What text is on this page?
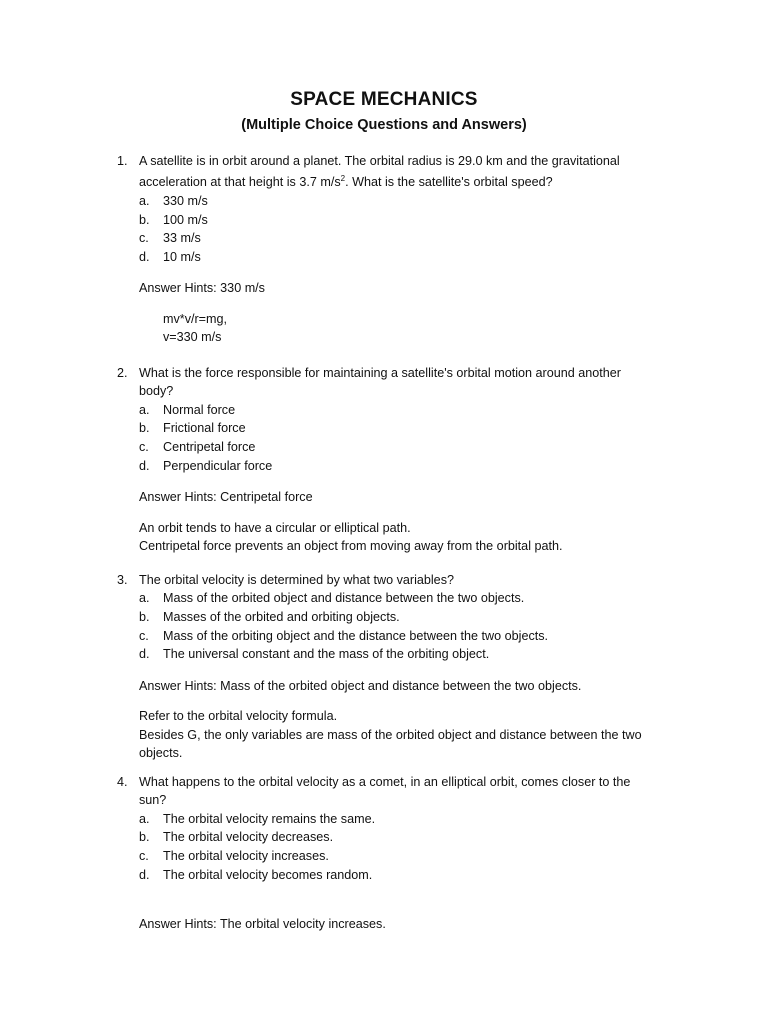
SPACE MECHANICS
(Multiple Choice Questions and Answers)
1. A satellite is in orbit around a planet. The orbital radius is 29.0 km and the gravitational
acceleration at that height is 3.7 $m/s^2$. What is the satellite's orbital speed?
a. 330 m/s
b. 100 m/s
c. 33 m/s
d. 10 m/s
Answer Hints: 330 m/s
mv*v/r=mg,
v=330 m/s
2. What is the force responsible for maintaining a satellite's orbital motion around another
body?
a. Normal force
b. Frictional force
c. Centripetal force
d. Perpendicular force
Answer Hints: Centripetal force
An orbit tends to have a circular or elliptical path.
Centripetal force prevents an object from moving away from the orbital path.
3. The orbital velocity is determined by what two variables?
a. Mass of the orbited object and distance between the two objects.
b. Masses of the orbited and orbiting objects.
c. Mass of the orbiting object and the distance between the two objects.
d. The universal constant and the mass of the orbiting object.
Answer Hints: Mass of the orbited object and distance between the two objects.
Refer to the orbital velocity formula.
Besides G, the only variables are mass of the orbited object and distance between the two
objects.
4. What happens to the orbital velocity as a comet, in an elliptical orbit, comes closer to the
sun?
a. The orbital velocity remains the same.
b. The orbital velocity decreases.
c. The orbital velocity increases.
d. The orbital velocity becomes random.
Answer Hints: The orbital velocity increases.
